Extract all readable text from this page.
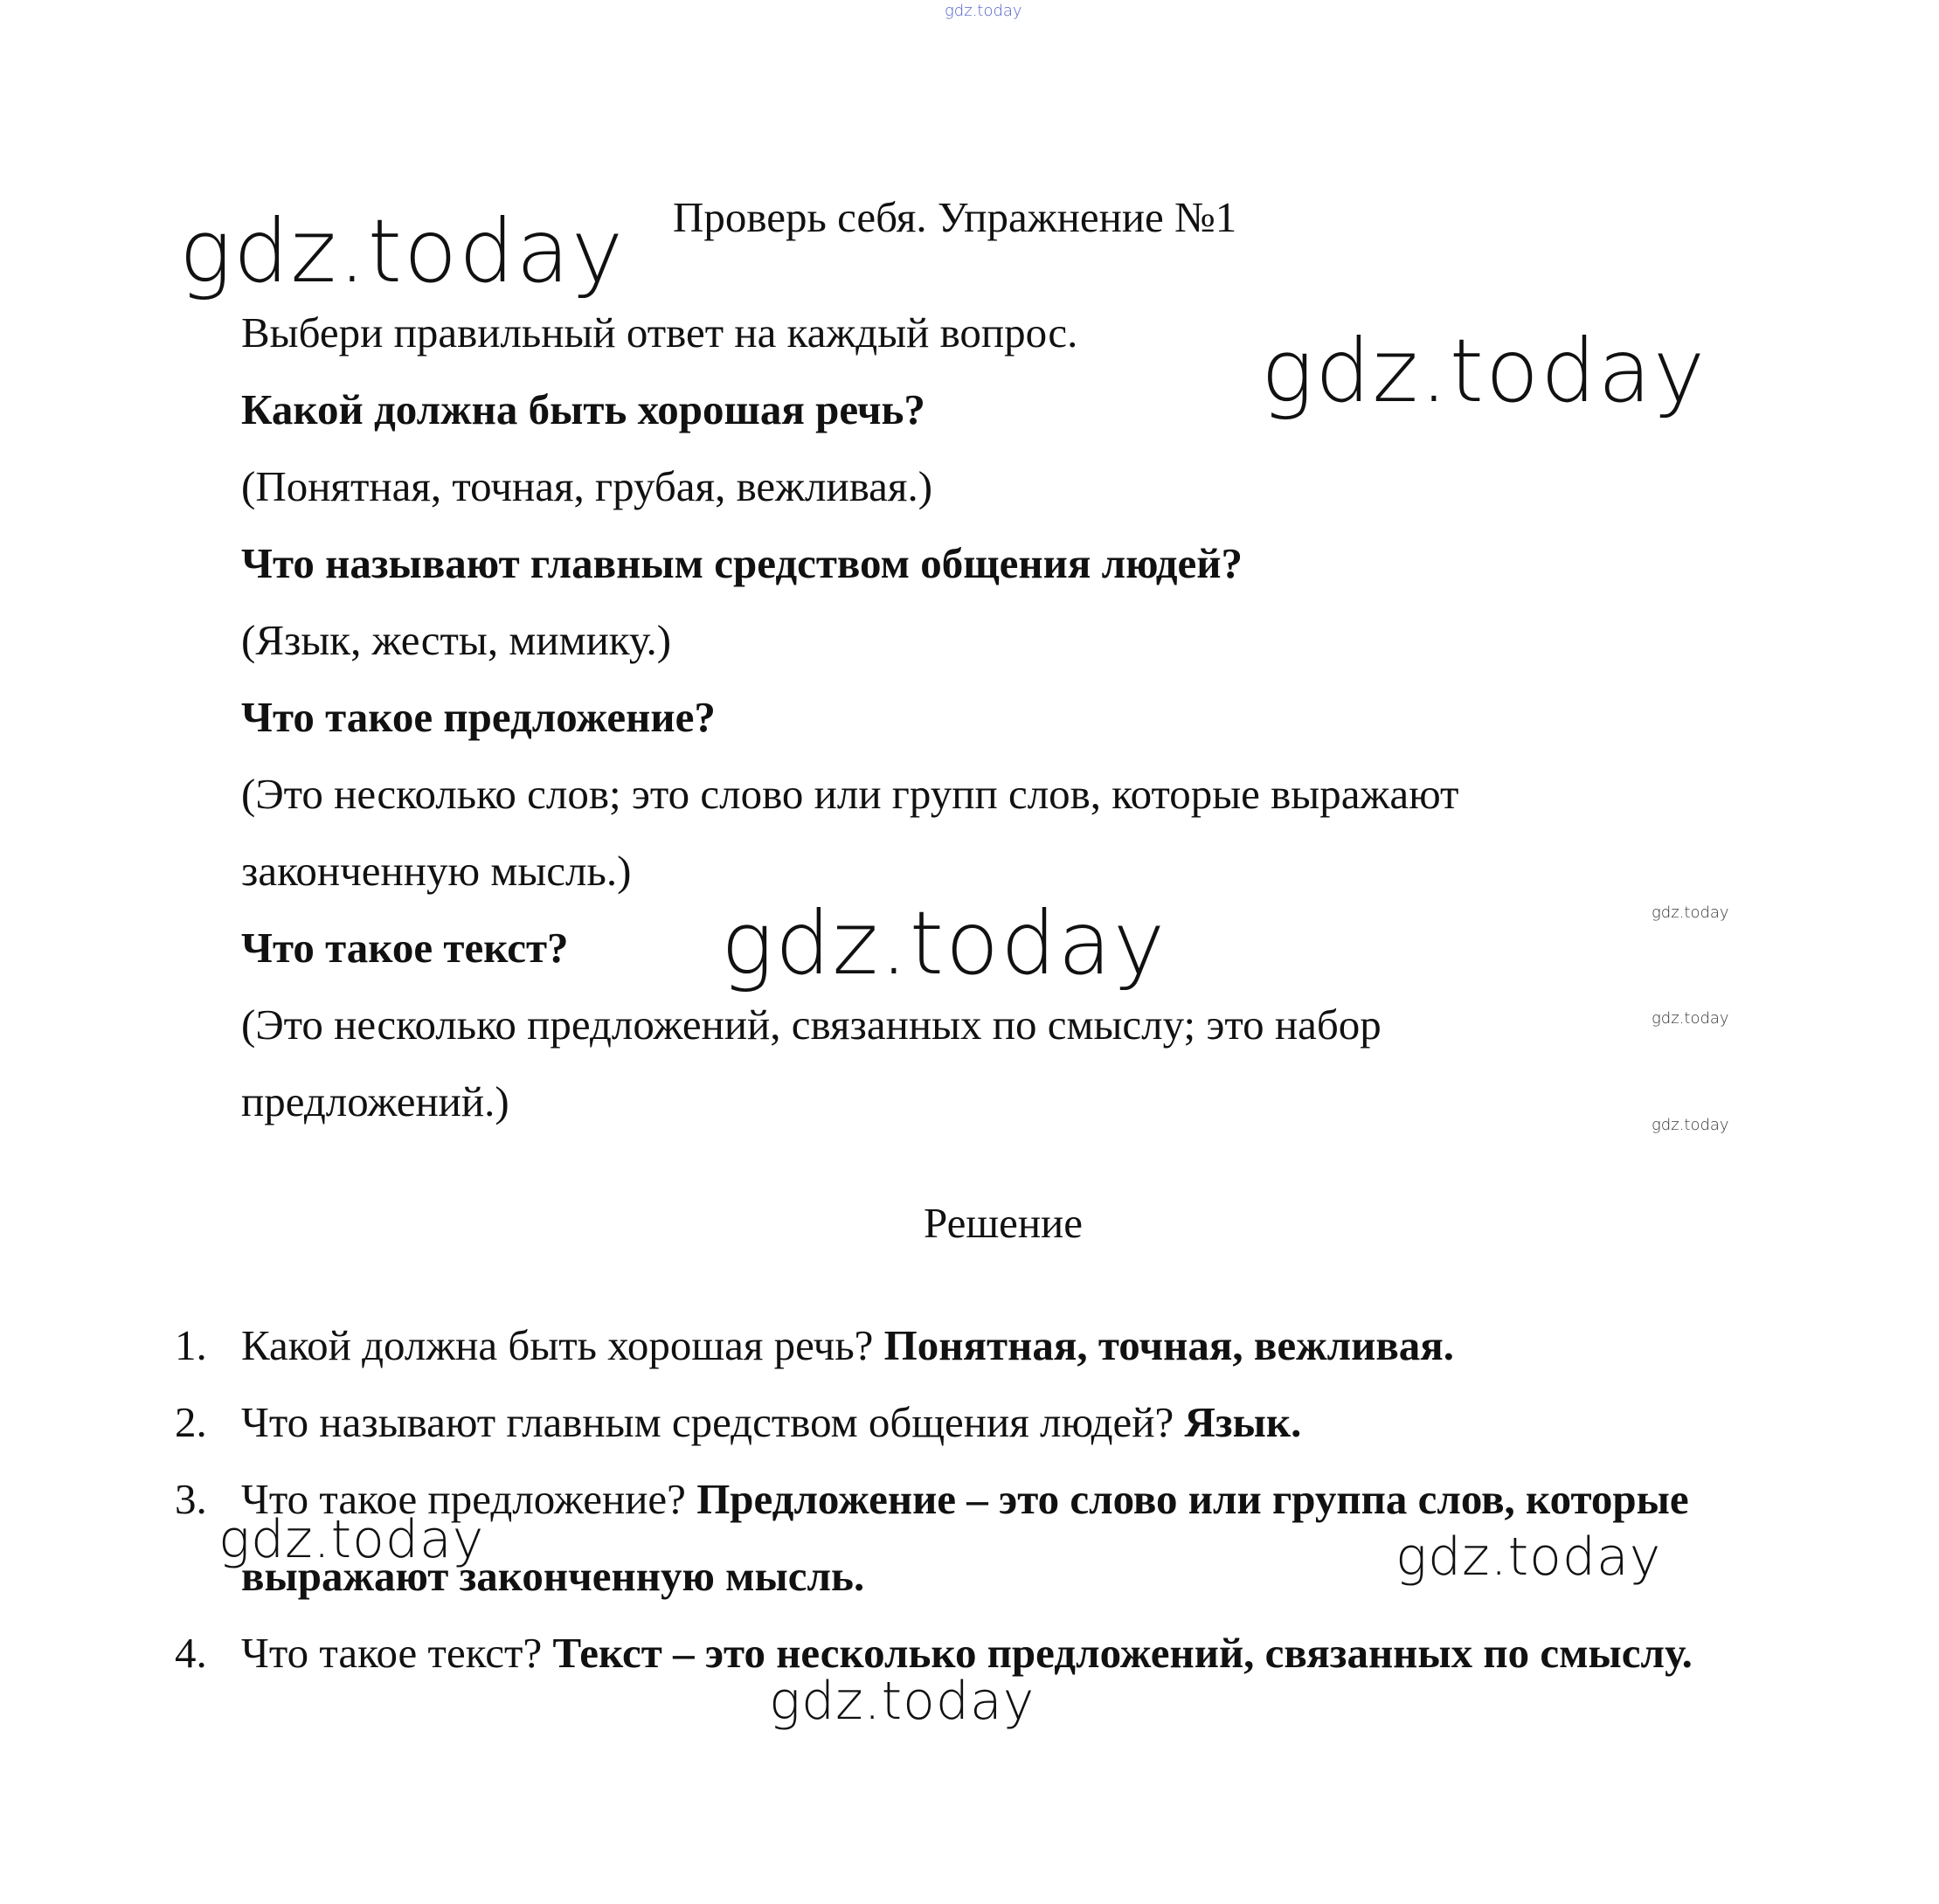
gdz.today
gdz.today
gdz.today
gdz.today
gdz.today	gdz.today
gdz.today
gdz.today
gdz.today
gdz.today
Проверь себя. Упражнение №1
Выбери правильный ответ на каждый вопрос.
Какой должна быть хорошая речь?
(Понятная, точная, грубая, вежливая.)
Что называют главным средством общения людей?
(Язык, жесты, мимику.)
Что такое предложение?
(Это несколько слов; это слово или групп слов, которые выражают
законченную мысль.)
Что такое текст?
(Это несколько предложений, связанных по смыслу; это набор
предложений.)
Решение
1. Какой должна быть хорошая речь? Понятная, точная, вежливая.
2. Что называют главным средством общения людей? Язык.
3. Что такое предложение? Предложение – это слово или группа слов, которые выражают законченную мысль.
4. Что такое текст? Текст – это несколько предложений, связанных по смыслу.
